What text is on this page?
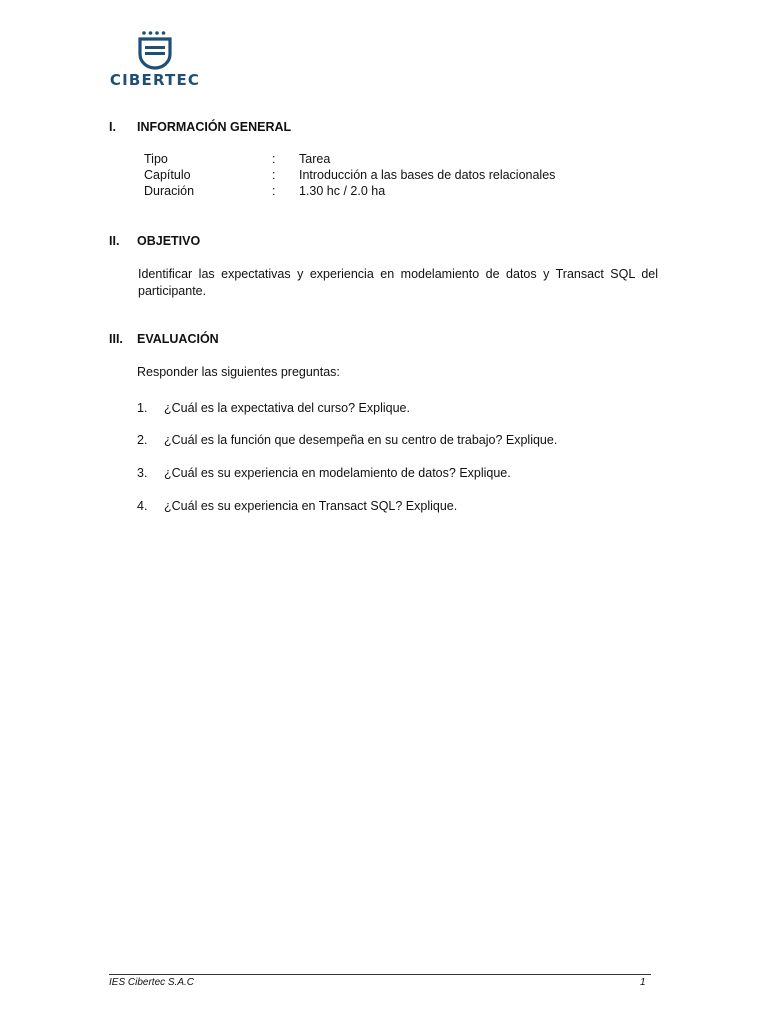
CIBERTEC
I. INFORMACIÓN GENERAL
Tipo	: Tarea
Capítulo	: Introducción a las bases de datos relacionales
Duración	: 1.30 hc / 2.0 ha
II. OBJETIVO
Identificar las expectativas y experiencia en modelamiento de datos y Transact SQL del participante.
III. EVALUACIÓN
Responder las siguientes preguntas:
1. ¿Cuál es la expectativa del curso? Explique.
2. ¿Cuál es la función que desempeña en su centro de trabajo? Explique.
3. ¿Cuál es su experiencia en modelamiento de datos? Explique.
4. ¿Cuál es su experiencia en Transact SQL? Explique.
IES Cibertec S.A.C	1
